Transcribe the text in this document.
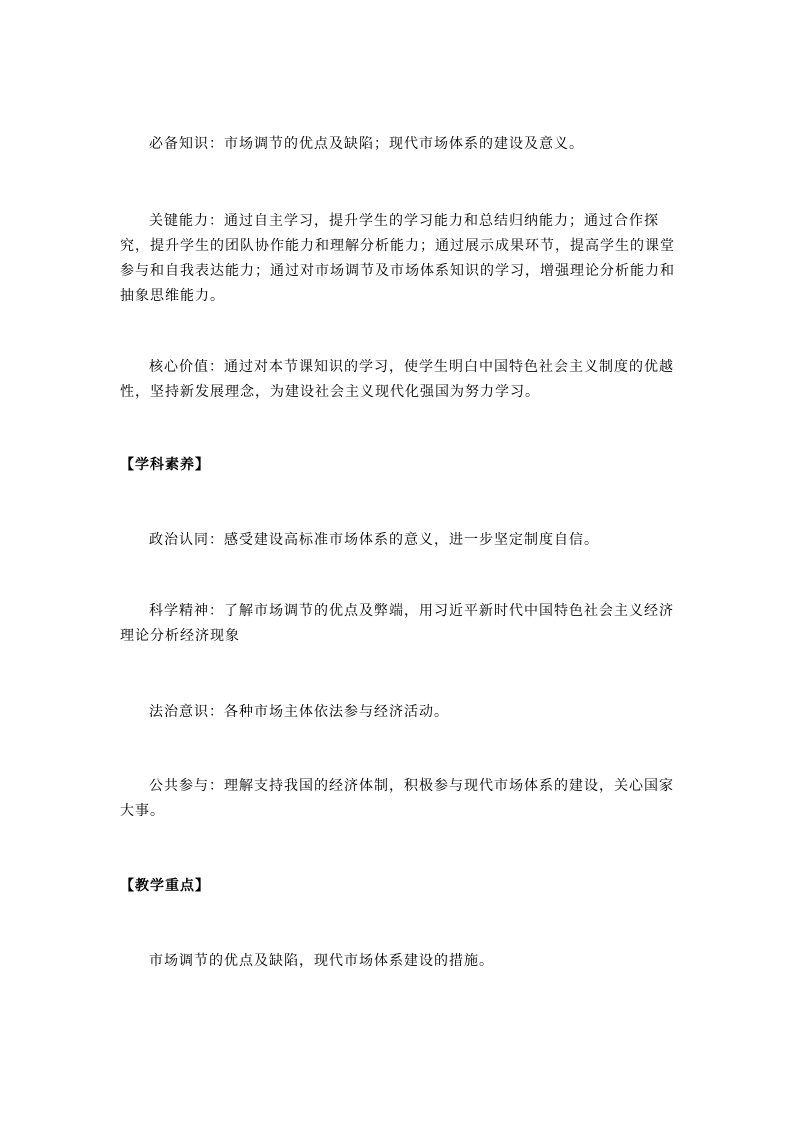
必备知识：市场调节的优点及缺陷；现代市场体系的建设及意义。

关键能力：通过自主学习，提升学生的学习能力和总结归纳能力；通过合作探究，提升学生的团队协作能力和理解分析能力；通过展示成果环节，提高学生的课堂参与和自我表达能力；通过对市场调节及市场体系知识的学习，增强理论分析能力和抽象思维能力。

核心价值：通过对本节课知识的学习，使学生明白中国特色社会主义制度的优越性，坚持新发展理念，为建设社会主义现代化强国为努力学习。

【学科素养】

政治认同：感受建设高标准市场体系的意义，进一步坚定制度自信。

科学精神：了解市场调节的优点及弊端，用习近平新时代中国特色社会主义经济理论分析经济现象

法治意识：各种市场主体依法参与经济活动。

公共参与：理解支持我国的经济体制，积极参与现代市场体系的建设，关心国家大事。

【教学重点】

市场调节的优点及缺陷，现代市场体系建设的措施。
